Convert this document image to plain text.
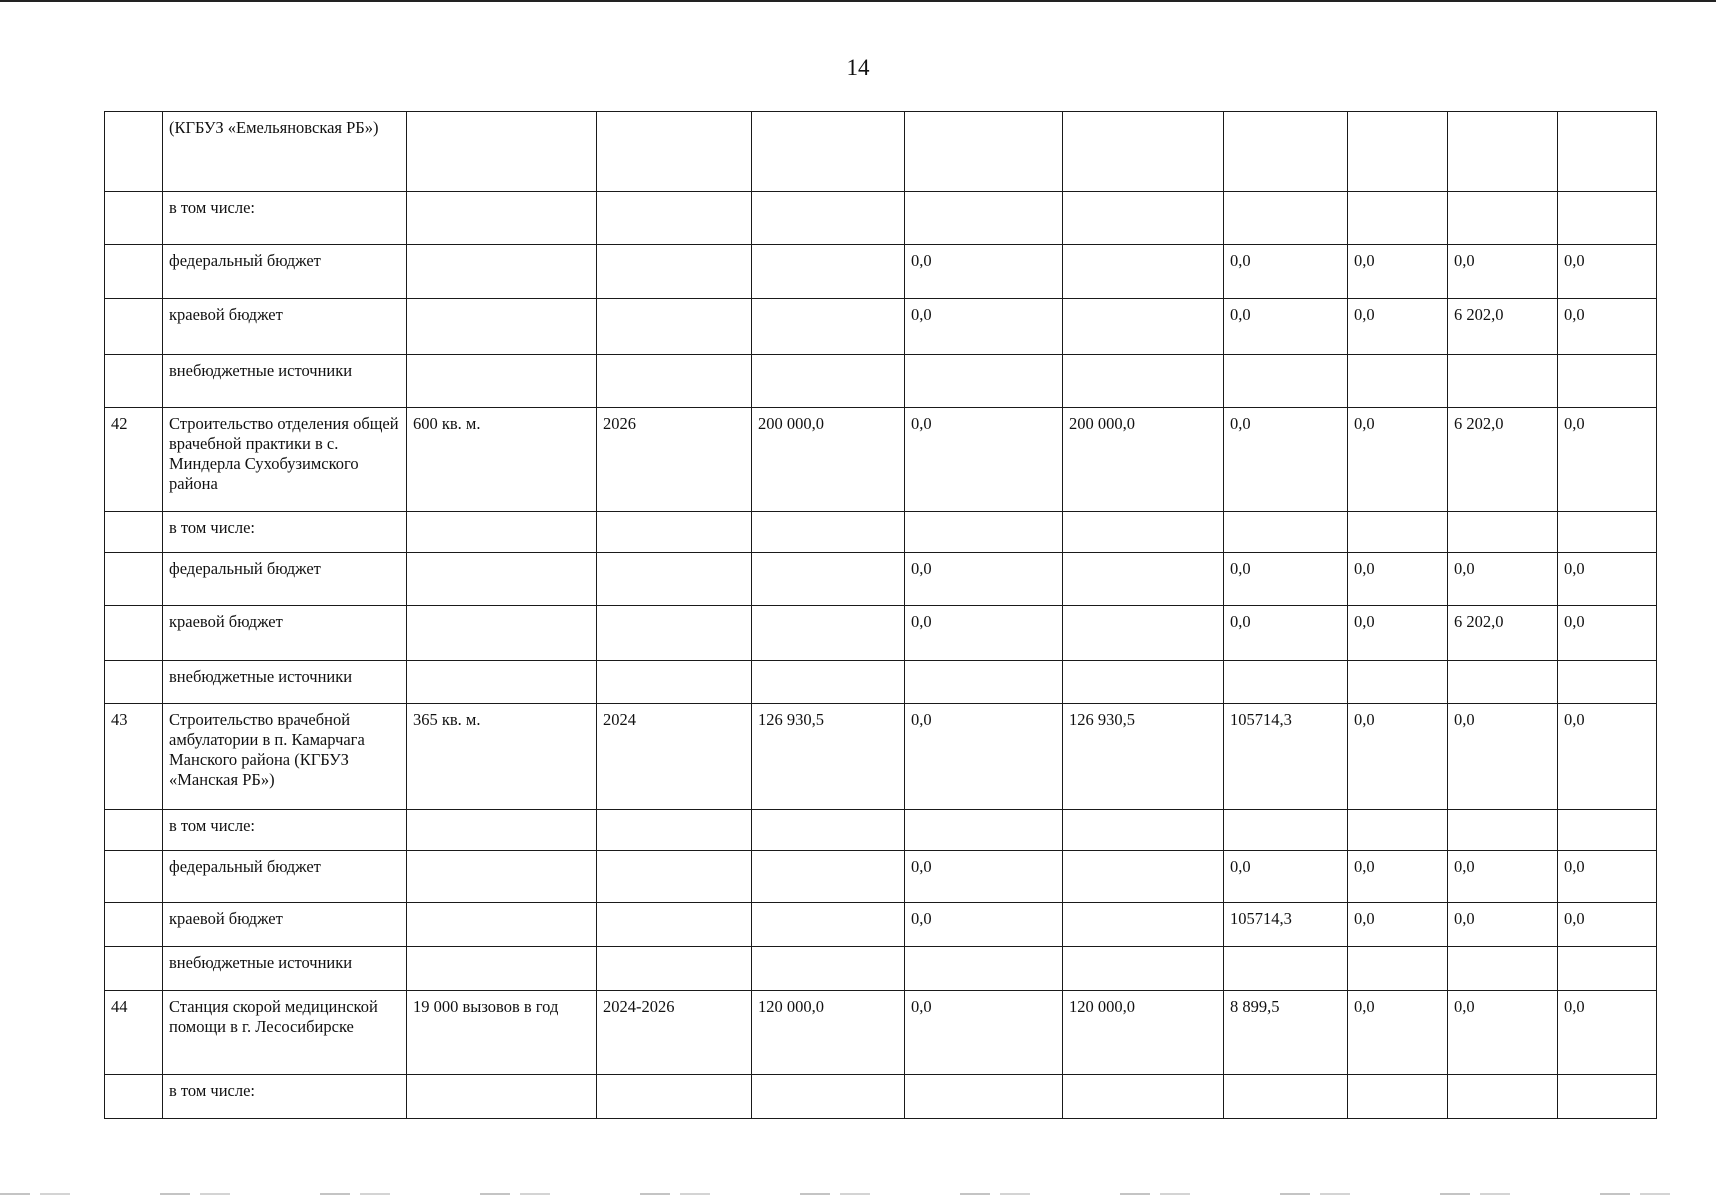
14
	(КГБУЗ «Емельяновская РБ»)									
	в том числе:									
	федеральный бюджет				0,0		0,0	0,0	0,0	0,0
	краевой бюджет				0,0		0,0	0,0	6 202,0	0,0
	внебюджетные источники									
42	Строительство отделения общей врачебной практики в с. Миндерла Сухобузимского района	600 кв. м.	2026	200 000,0	0,0	200 000,0	0,0	0,0	6 202,0	0,0
	в том числе:									
	федеральный бюджет				0,0		0,0	0,0	0,0	0,0
	краевой бюджет				0,0		0,0	0,0	6 202,0	0,0
	внебюджетные источники									
43	Строительство врачебной амбулатории в п. Камарчага Манского района (КГБУЗ «Манская РБ»)	365 кв. м.	2024	126 930,5	0,0	126 930,5	105714,3	0,0	0,0	0,0
	в том числе:									
	федеральный бюджет				0,0		0,0	0,0	0,0	0,0
	краевой бюджет				0,0		105714,3	0,0	0,0	0,0
	внебюджетные источники									
44	Станция скорой медицинской помощи в г. Лесосибирске	19 000 вызовов в год	2024-2026	120 000,0	0,0	120 000,0	8 899,5	0,0	0,0	0,0
	в том числе:									
